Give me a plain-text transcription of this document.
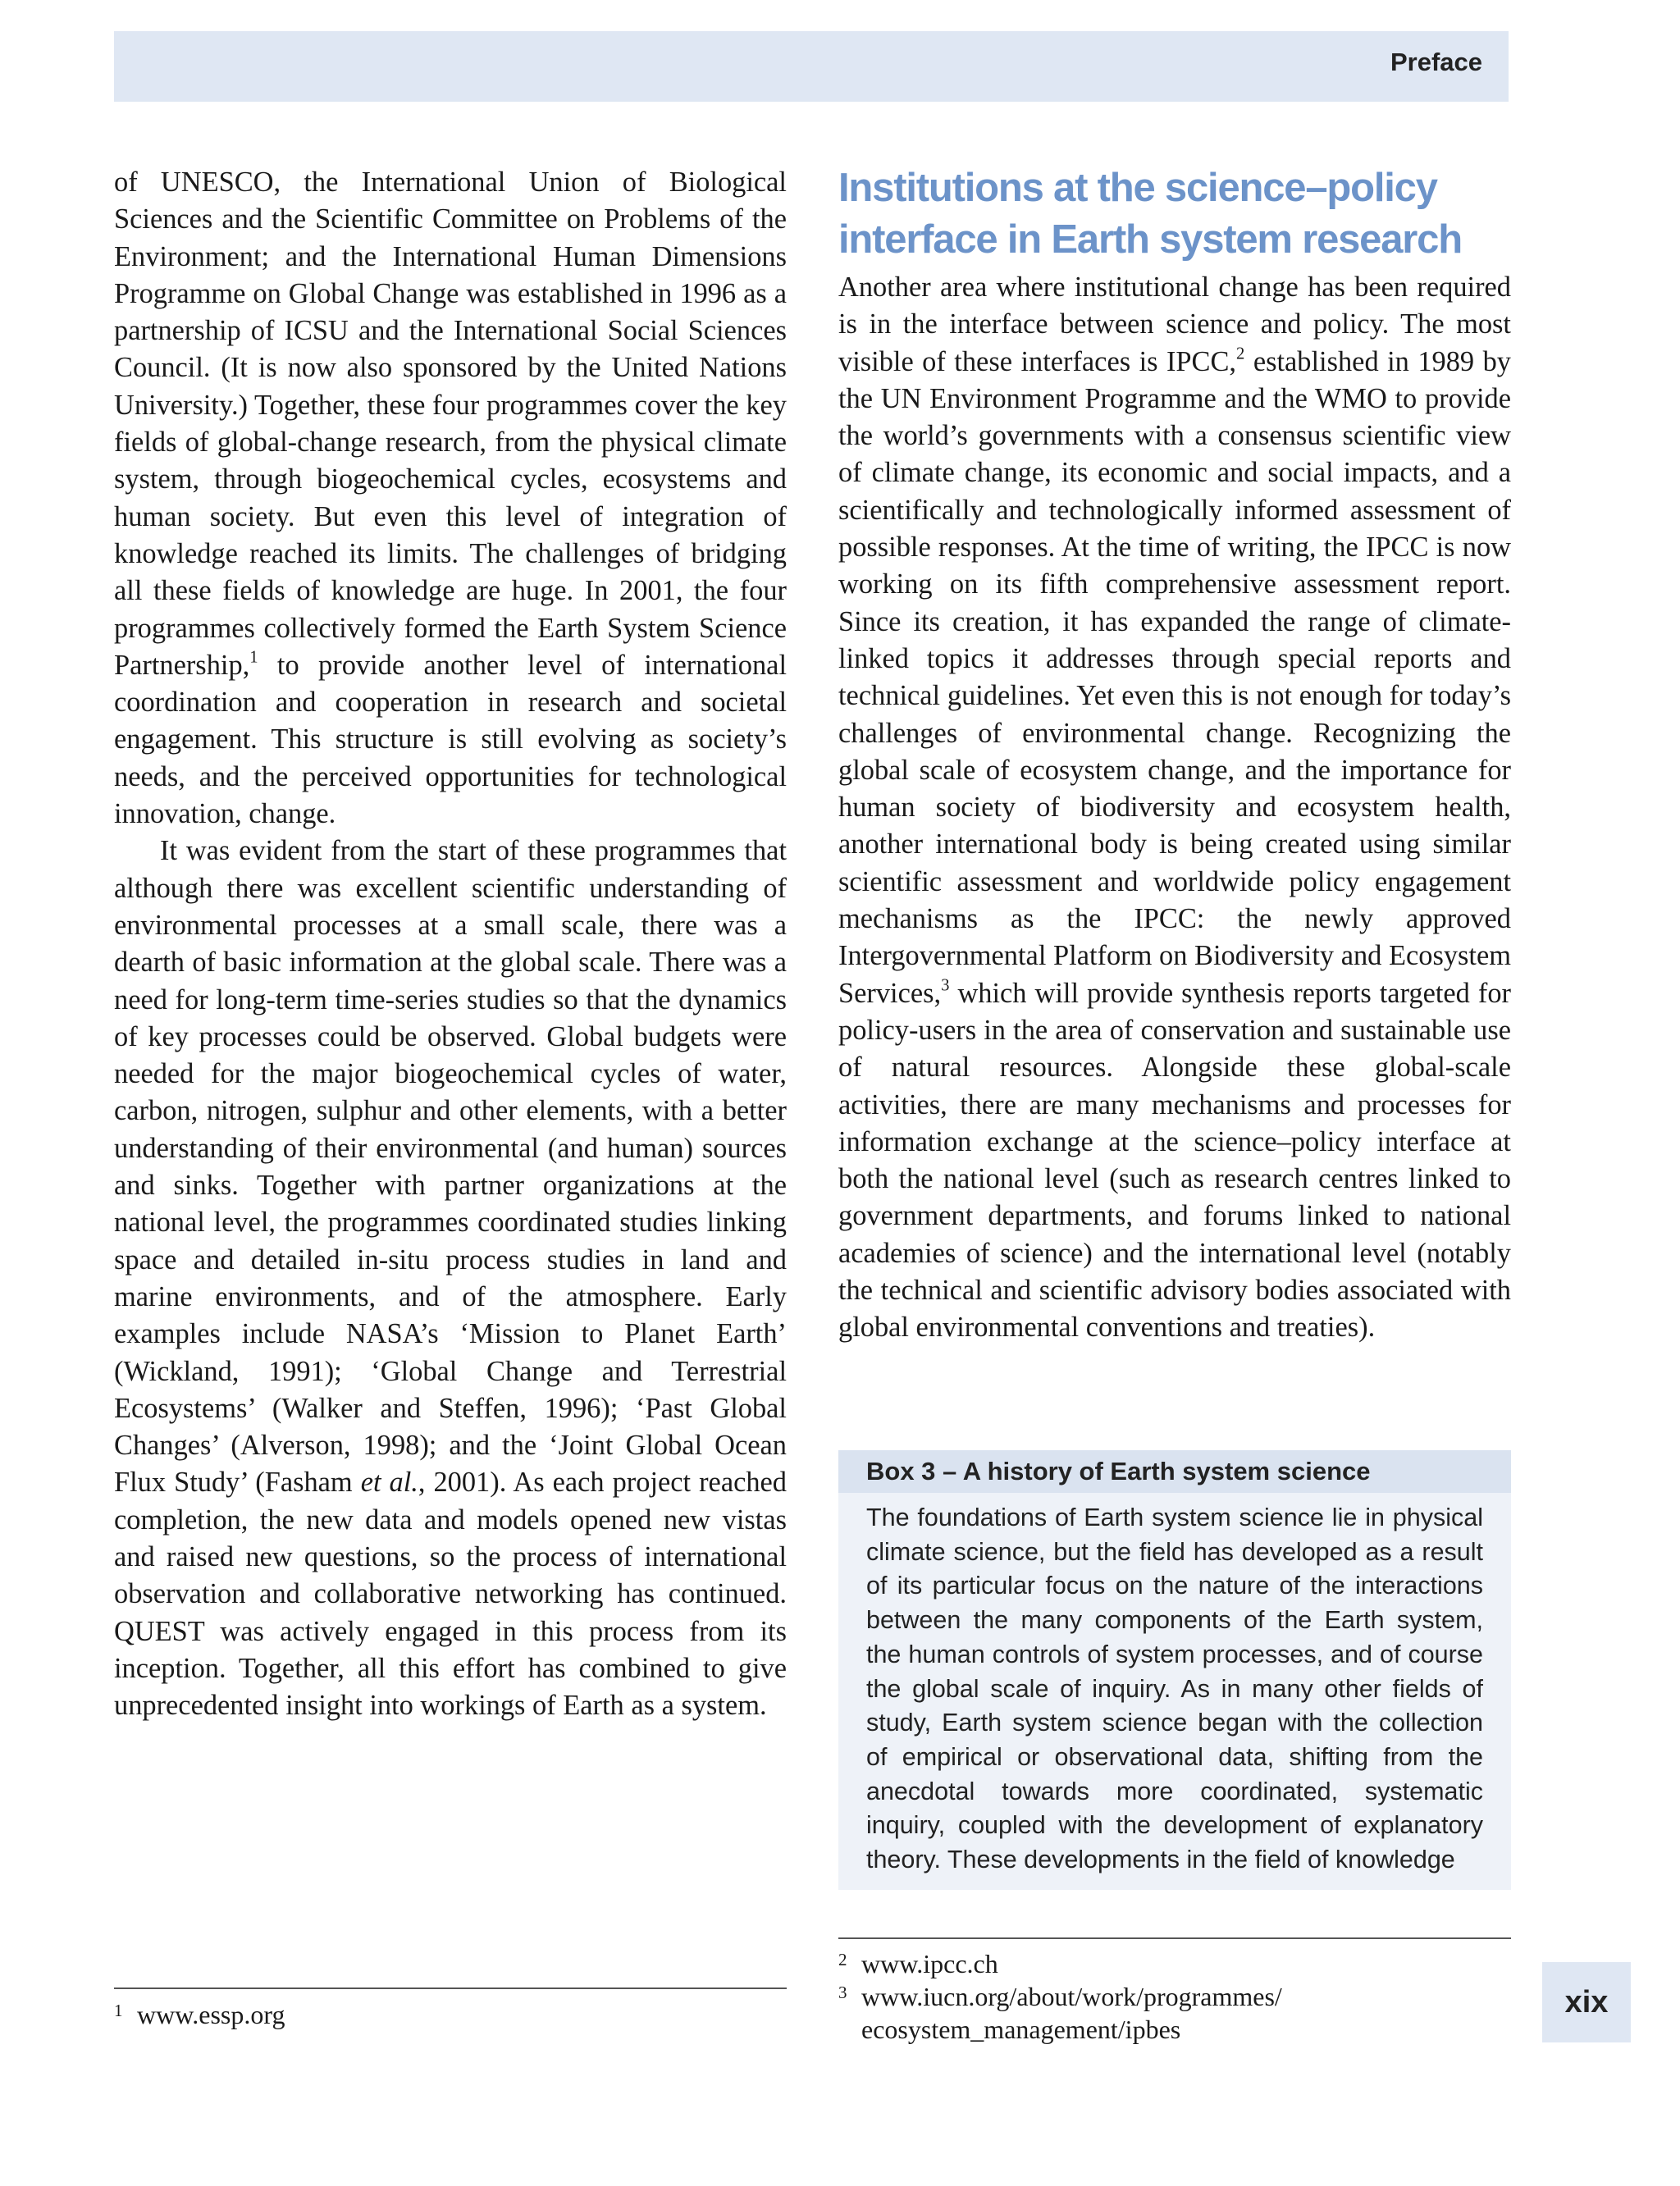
Preface

of UNESCO, the International Union of Biological Sciences and the Scientific Committee on Problems of the Environment; and the International Human Dimensions Programme on Global Change was established in 1996 as a partnership of ICSU and the International Social Sciences Council. (It is now also sponsored by the United Nations University.) Together, these four programmes cover the key fields of global-change research, from the physical climate system, through biogeochemical cycles, ecosystems and human society. But even this level of integration of knowledge reached its limits. The challenges of bridging all these fields of knowledge are huge. In 2001, the four programmes collectively formed the Earth System Science Partnership,$^1$ to provide another level of international coordination and cooperation in research and societal engagement. This structure is still evolving as society’s needs, and the perceived opportunities for technological innovation, change.

It was evident from the start of these programmes that although there was excellent scientific understanding of environmental processes at a small scale, there was a dearth of basic information at the global scale. There was a need for long-term time-series studies so that the dynamics of key processes could be observed. Global budgets were needed for the major biogeochemical cycles of water, carbon, nitrogen, sulphur and other elements, with a better understanding of their environmental (and human) sources and sinks. Together with partner organizations at the national level, the programmes coordinated studies linking space and detailed in-situ process studies in land and marine environments, and of the atmosphere. Early examples include NASA’s ‘Mission to Planet Earth’ (Wickland, 1991); ‘Global Change and Terrestrial Ecosystems’ (Walker and Steffen, 1996); ‘Past Global Changes’ (Alverson, 1998); and the ‘Joint Global Ocean Flux Study’ (Fasham et al., 2001). As each project reached completion, the new data and models opened new vistas and raised new questions, so the process of international observation and collaborative networking has continued. QUEST was actively engaged in this process from its inception. Together, all this effort has combined to give unprecedented insight into workings of Earth as a system.

Institutions at the science–policy interface in Earth system research

Another area where institutional change has been required is in the interface between science and policy. The most visible of these interfaces is IPCC,$^2$ established in 1989 by the UN Environment Programme and the WMO to provide the world’s governments with a consensus scientific view of climate change, its economic and social impacts, and a scientifically and technologically informed assessment of possible responses. At the time of writing, the IPCC is now working on its fifth comprehensive assessment report. Since its creation, it has expanded the range of climate-linked topics it addresses through special reports and technical guidelines. Yet even this is not enough for today’s challenges of environmental change. Recognizing the global scale of ecosystem change, and the importance for human society of biodiversity and ecosystem health, another international body is being created using similar scientific assessment and worldwide policy engagement mechanisms as the IPCC: the newly approved Intergovernmental Platform on Biodiversity and Ecosystem Services,$^3$ which will provide synthesis reports targeted for policy-users in the area of conservation and sustainable use of natural resources. Alongside these global-scale activities, there are many mechanisms and processes for information exchange at the science–policy interface at both the national level (such as research centres linked to government departments, and forums linked to national academies of science) and the international level (notably the technical and scientific advisory bodies associated with global environmental conventions and treaties).

Box 3 – A history of Earth system science
The foundations of Earth system science lie in physical climate science, but the field has developed as a result of its particular focus on the nature of the interactions between the many components of the Earth system, the human controls of system processes, and of course the global scale of inquiry. As in many other fields of study, Earth system science began with the collection of empirical or observational data, shifting from the anecdotal towards more coordinated, systematic inquiry, coupled with the development of explanatory theory. These developments in the field of knowledge
1 www.essp.org
2 www.ipcc.ch
3 www.iucn.org/about/work/programmes/ ecosystem_management/ipbes
xix
